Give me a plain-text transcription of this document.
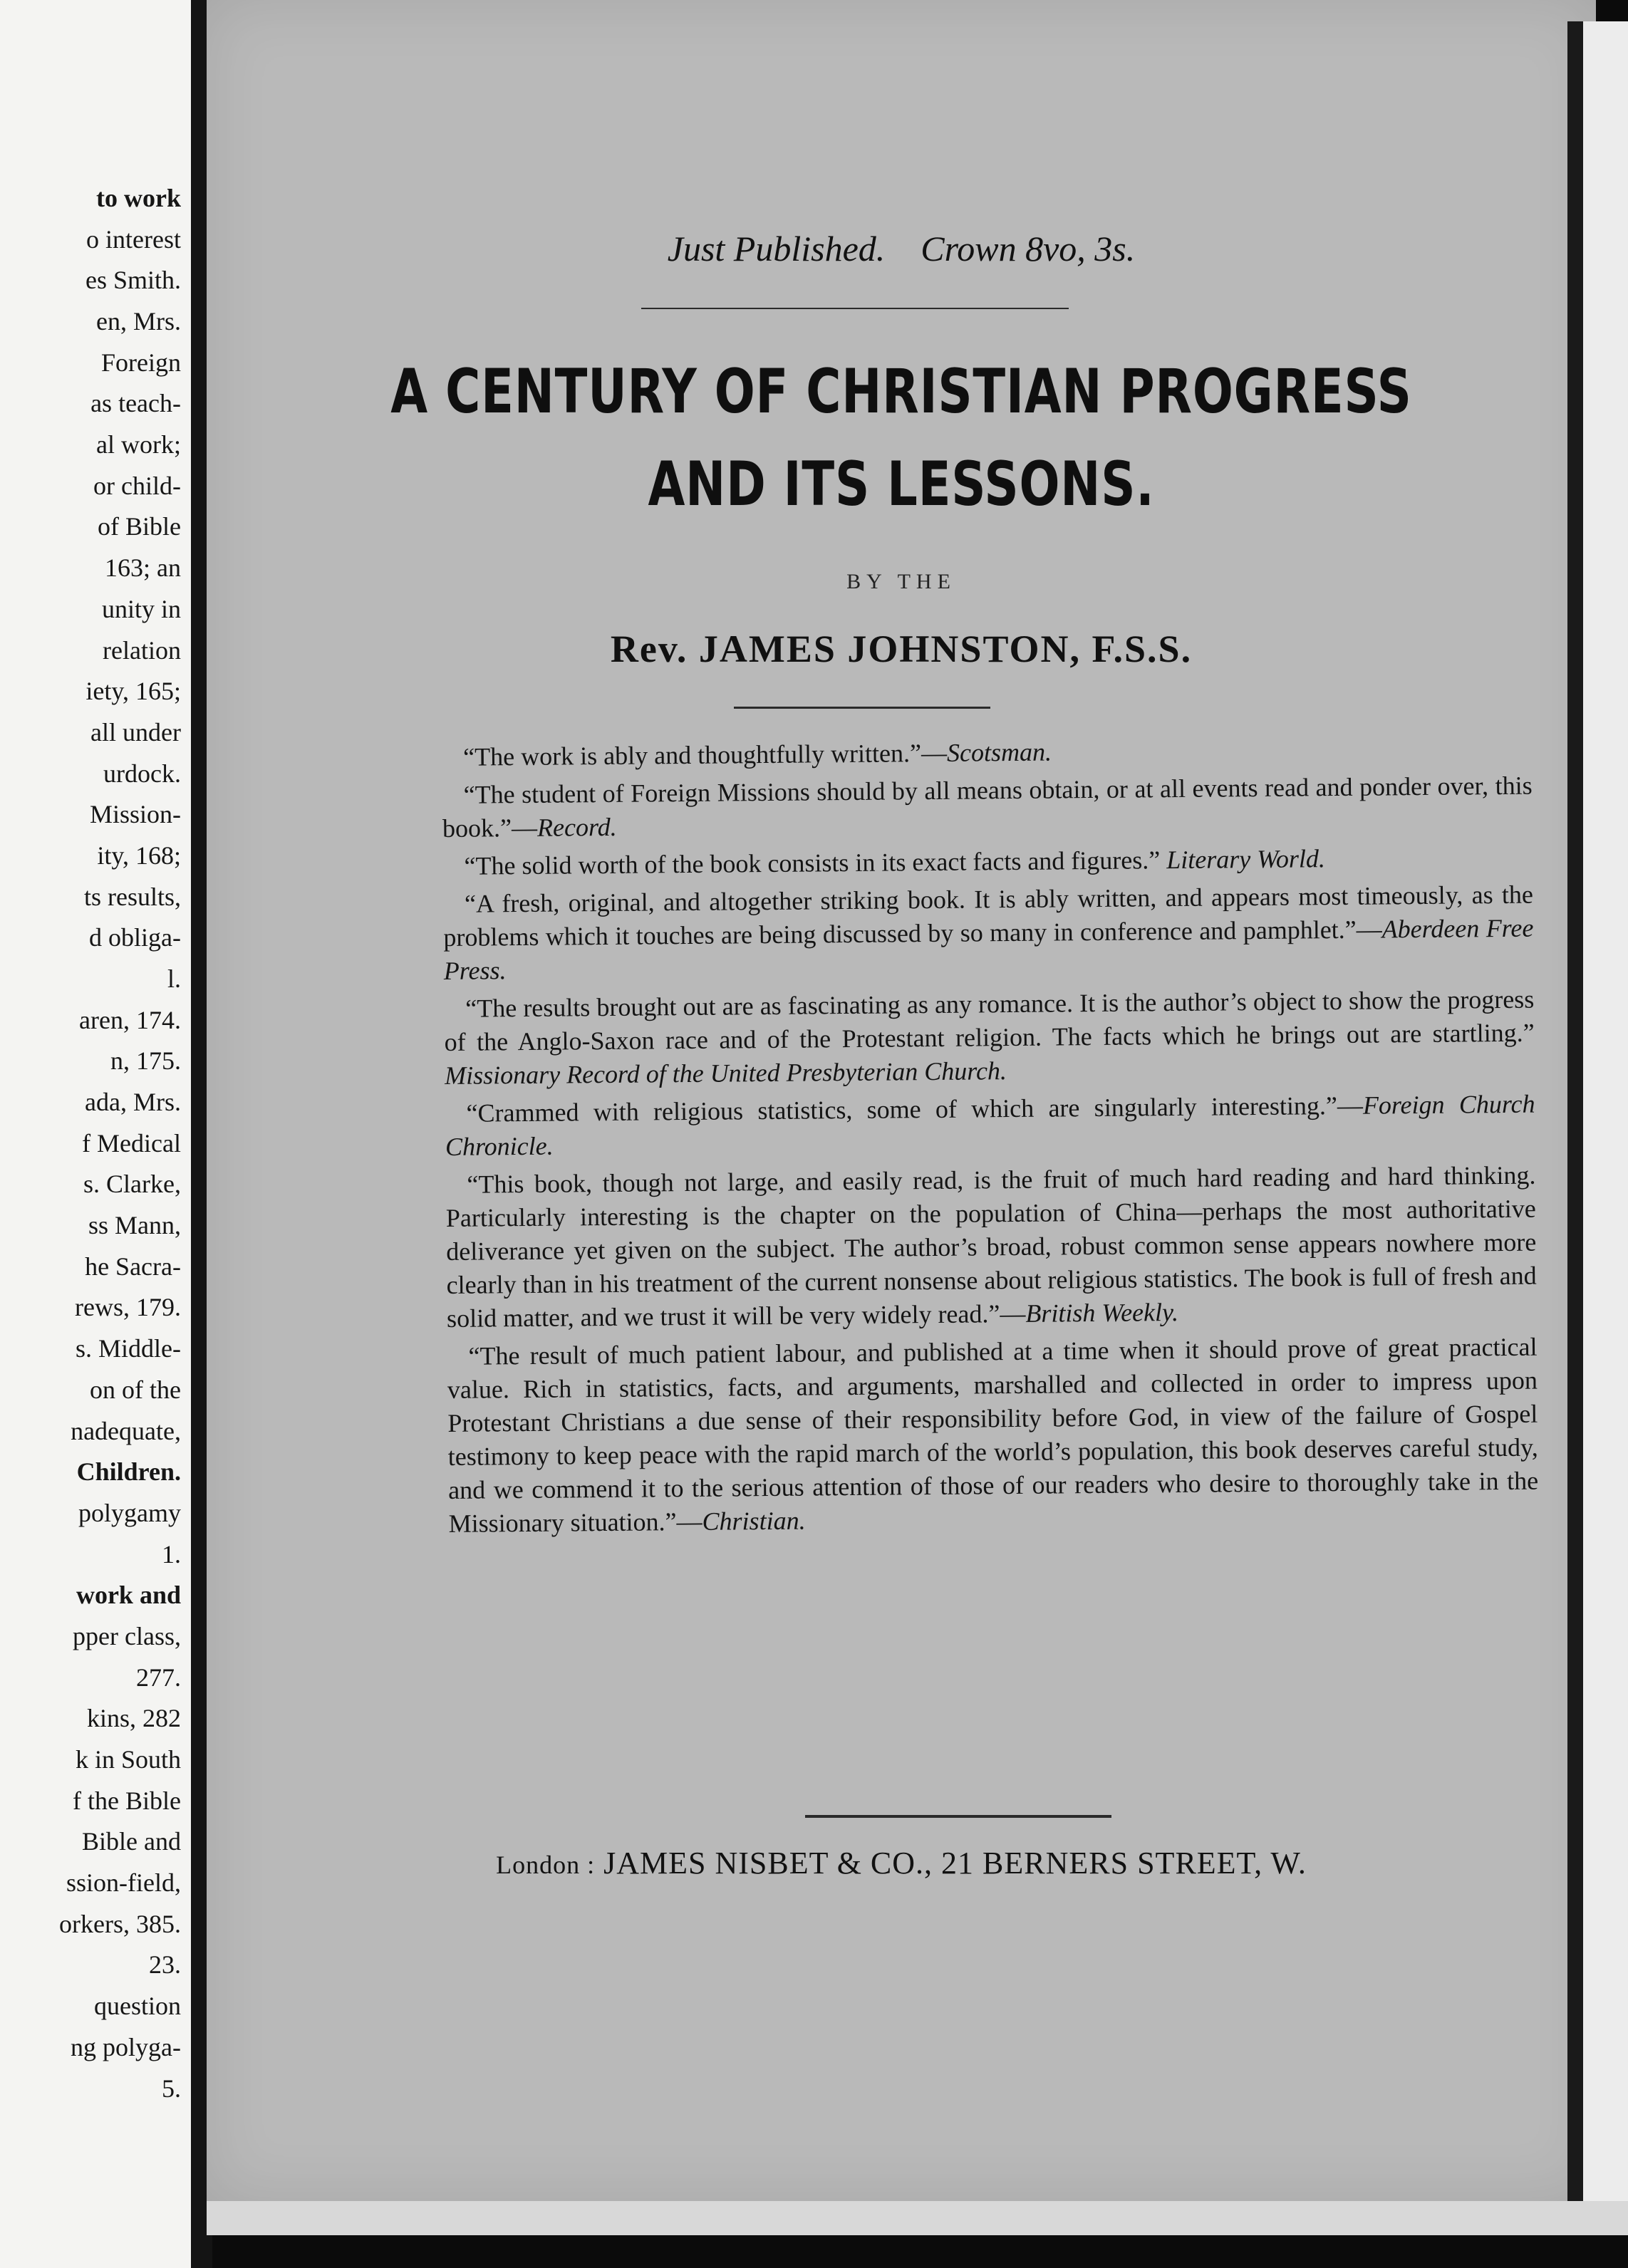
to work
o interest
es Smith.
en, Mrs.
Foreign
as teach-
al work;
or child-
of Bible
163; an
unity in
relation
iety, 165;
all under
urdock.
Mission-
ity, 168;
ts results,
d obliga-
l.
aren, 174.
n, 175.
ada, Mrs.
f Medical
s. Clarke,
ss Mann,
he Sacra-
rews, 179.
s. Middle-
on of the
nadequate,
Children.
polygamy
1.
work and
pper class,
277.
kins, 282
k in South
f the Bible
Bible and
ssion-field,
orkers, 385.
23.
question
ng polyga-
5.
Just Published. Crown 8vo, 3s.
A CENTURY OF CHRISTIAN PROGRESS
AND ITS LESSONS.
BY THE
Rev. JAMES JOHNSTON, F.S.S.

“The work is ably and thoughtfully written.”—Scotsman.

“The student of Foreign Missions should by all means obtain, or at all events read and ponder over, this book.”—Record.

“The solid worth of the book consists in its exact facts and figures.” Literary World.

“A fresh, original, and altogether striking book. It is ably written, and appears most timeously, as the problems which it touches are being discussed by so many in conference and pamphlet.”—Aberdeen Free Press.

“The results brought out are as fascinating as any romance. It is the author’s object to show the progress of the Anglo-Saxon race and of the Protestant religion. The facts which he brings out are startling.” Missionary Record of the United Presbyterian Church.

“Crammed with religious statistics, some of which are singularly interesting.”—Foreign Church Chronicle.

“This book, though not large, and easily read, is the fruit of much hard reading and hard thinking. Particularly interesting is the chapter on the population of China—perhaps the most authoritative deliverance yet given on the subject. The author’s broad, robust common sense appears nowhere more clearly than in his treatment of the current nonsense about religious statistics. The book is full of fresh and solid matter, and we trust it will be very widely read.”—British Weekly.

“The result of much patient labour, and published at a time when it should prove of great practical value. Rich in statistics, facts, and arguments, marshalled and collected in order to impress upon Protestant Christians a due sense of their responsibility before God, in view of the failure of Gospel testimony to keep peace with the rapid march of the world’s population, this book deserves careful study, and we commend it to the serious attention of those of our readers who desire to thoroughly take in the Missionary situation.”—Christian.

London : JAMES NISBET & CO., 21 BERNERS STREET, W.
